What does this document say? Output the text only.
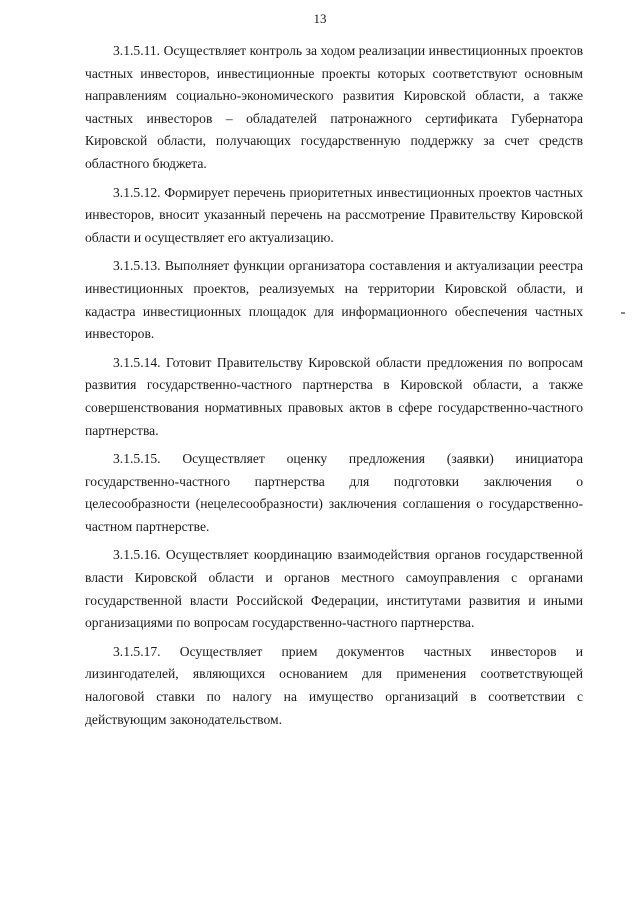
13

3.1.5.11. Осуществляет контроль за ходом реализации инвестиционных проектов частных инвесторов, инвестиционные проекты которых соответствуют основным направлениям социально-экономического развития Кировской области, а также частных инвесторов – обладателей патронажного сертификата Губернатора Кировской области, получающих государственную поддержку за счет средств областного бюджета.

3.1.5.12. Формирует перечень приоритетных инвестиционных проектов частных инвесторов, вносит указанный перечень на рассмотрение Правительству Кировской области и осуществляет его актуализацию.

3.1.5.13. Выполняет функции организатора составления и актуализации реестра инвестиционных проектов, реализуемых на территории Кировской области, и кадастра инвестиционных площадок для информационного обеспечения частных инвесторов.

3.1.5.14. Готовит Правительству Кировской области предложения по вопросам развития государственно-частного партнерства в Кировской области, а также совершенствования нормативных правовых актов в сфере государственно-частного партнерства.

3.1.5.15. Осуществляет оценку предложения (заявки) инициатора государственно-частного партнерства для подготовки заключения о целесообразности (нецелесообразности) заключения соглашения о государственно-частном партнерстве.

3.1.5.16. Осуществляет координацию взаимодействия органов государственной власти Кировской области и органов местного самоуправления с органами государственной власти Российской Федерации, институтами развития и иными организациями по вопросам государственно-частного партнерства.

3.1.5.17. Осуществляет прием документов частных инвесторов и лизингодателей, являющихся основанием для применения соответствующей налоговой ставки по налогу на имущество организаций в соответствии с действующим законодательством.
